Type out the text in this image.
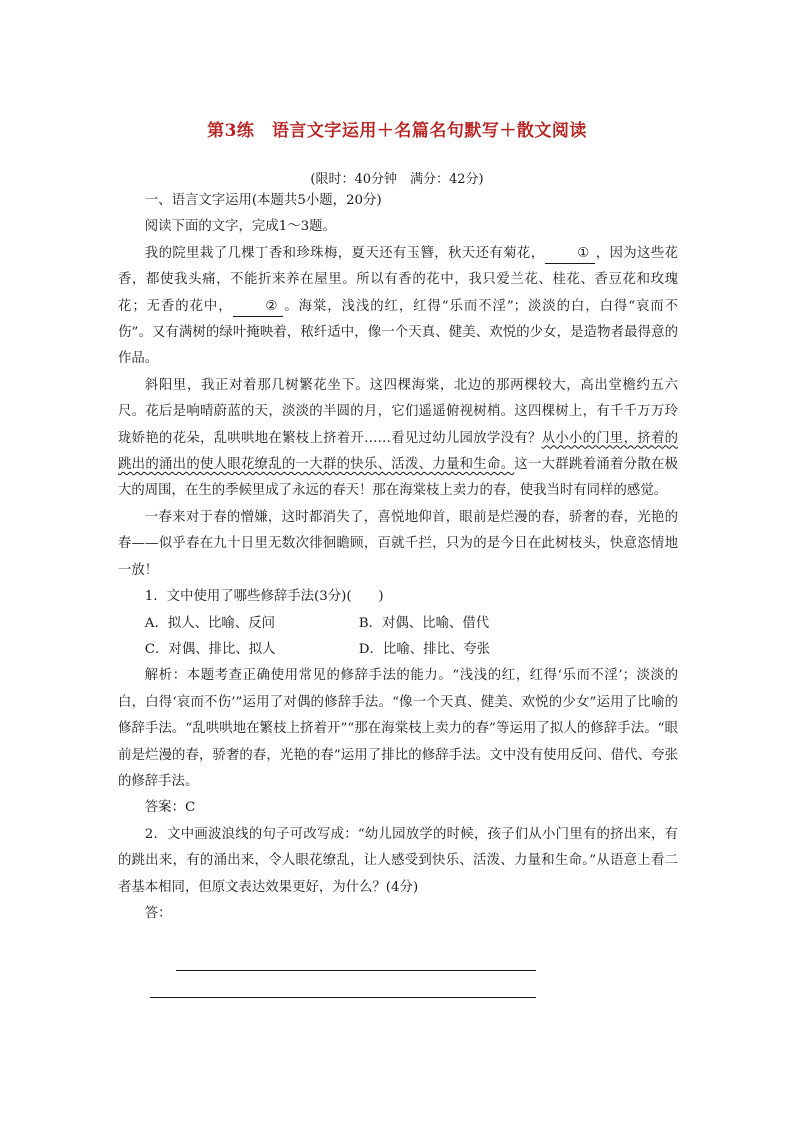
第3练　语言文字运用＋名篇名句默写＋散文阅读
(限时：40分钟　满分：42分)

一、语言文字运用(本题共5小题，20分)

阅读下面的文字，完成1～3题。

我的院里栽了几棵丁香和珍珠梅，夏天还有玉簪，秋天还有菊花， ① ，因为这些花香，都使我头痛，不能折来养在屋里。所以有香的花中，我只爱兰花、桂花、香豆花和玫瑰花；无香的花中， ② 。海棠，浅浅的红，红得“乐而不淫”；淡淡的白，白得“哀而不伤”。又有满树的绿叶掩映着，秾纤适中，像一个天真、健美、欢悦的少女，是造物者最得意的作品。

斜阳里，我正对着那几树繁花坐下。这四棵海棠，北边的那两棵较大，高出堂檐约五六尺。花后是响晴蔚蓝的天，淡淡的半圆的月，它们遥遥俯视树梢。这四棵树上，有千千万万玲珑娇艳的花朵，乱哄哄地在繁枝上挤着开……看见过幼儿园放学没有？从小小的门里，挤着的跳出的涌出的使人眼花缭乱的一大群的快乐、活泼、力量和生命。这一大群跳着涌着分散在极大的周围，在生的季候里成了永远的春天！那在海棠枝上卖力的春，使我当时有同样的感觉。

一春来对于春的憎嫌，这时都消失了，喜悦地仰首，眼前是烂漫的春，骄奢的春，光艳的春——似乎春在九十日里无数次徘徊瞻顾，百就千拦，只为的是今日在此树枝头，快意恣情地一放！

1．文中使用了哪些修辞手法(3分)(　　)

A．拟人、比喻、反问	B．对偶、比喻、借代
C．对偶、排比、拟人	D．比喻、排比、夸张

解析：本题考查正确使用常见的修辞手法的能力。“浅浅的红，红得‘乐而不淫’；淡淡的白，白得‘哀而不伤’”运用了对偶的修辞手法。“像一个天真、健美、欢悦的少女”运用了比喻的修辞手法。“乱哄哄地在繁枝上挤着开”“那在海棠枝上卖力的春”等运用了拟人的修辞手法。“眼前是烂漫的春，骄奢的春，光艳的春”运用了排比的修辞手法。文中没有使用反问、借代、夸张的修辞手法。

答案：C

2．文中画波浪线的句子可改写成：“幼儿园放学的时候，孩子们从小门里有的挤出来，有的跳出来，有的涌出来，令人眼花缭乱，让人感受到快乐、活泼、力量和生命。”从语意上看二者基本相同，但原文表达效果更好，为什么？(4分)

答：
